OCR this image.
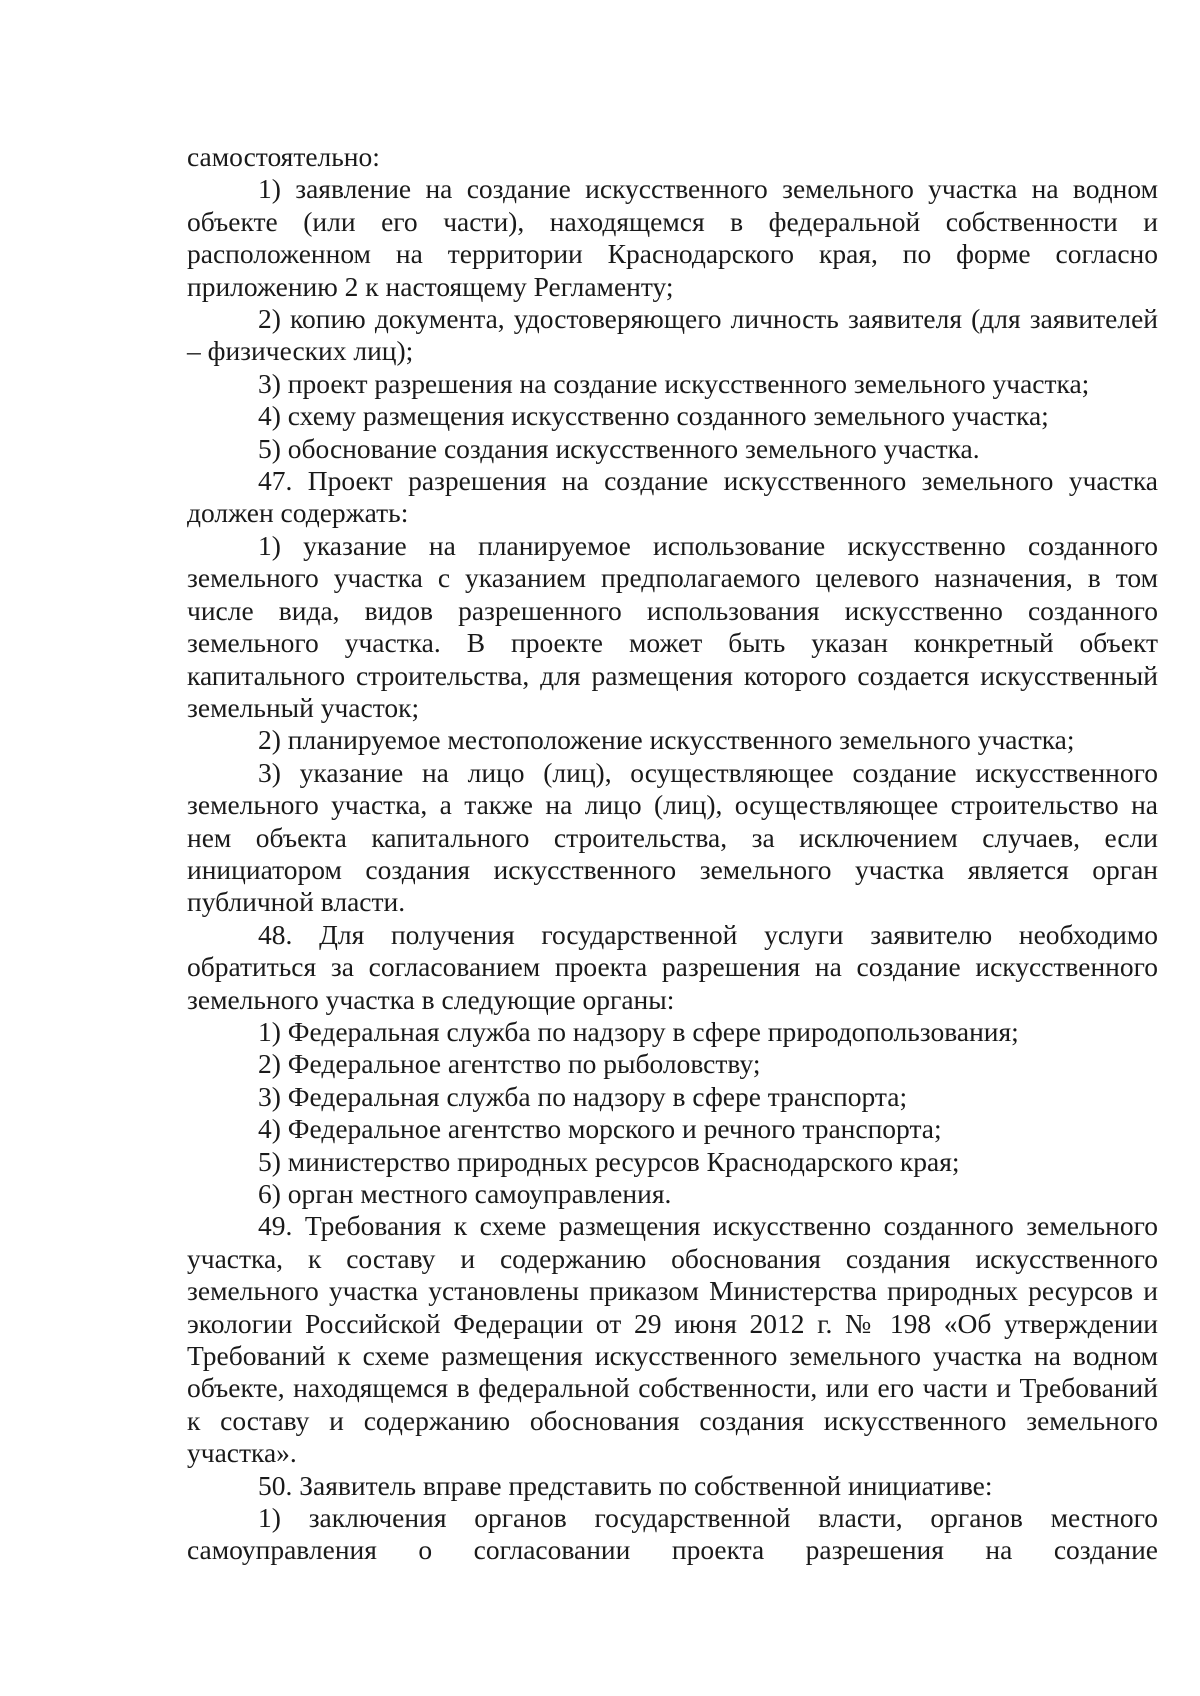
самостоятельно:

1) заявление на создание искусственного земельного участка на водном объекте (или его части), находящемся в федеральной собственности и расположенном на территории Краснодарского края, по форме согласно приложению 2 к настоящему Регламенту;

2) копию документа, удостоверяющего личность заявителя (для заявителей – физических лиц);

3) проект разрешения на создание искусственного земельного участка;

4) схему размещения искусственно созданного земельного участка;

5) обоснование создания искусственного земельного участка.

47. Проект разрешения на создание искусственного земельного участка должен содержать:

1) указание на планируемое использование искусственно созданного земельного участка с указанием предполагаемого целевого назначения, в том числе вида, видов разрешенного использования искусственно созданного земельного участка. В проекте может быть указан конкретный объект капитального строительства, для размещения которого создается искусственный земельный участок;

2) планируемое местоположение искусственного земельного участка;

3) указание на лицо (лиц), осуществляющее создание искусственного земельного участка, а также на лицо (лиц), осуществляющее строительство на нем объекта капитального строительства, за исключением случаев, если инициатором создания искусственного земельного участка является орган публичной власти.

48. Для получения государственной услуги заявителю необходимо обратиться за согласованием проекта разрешения на создание искусственного земельного участка в следующие органы:

1) Федеральная служба по надзору в сфере природопользования;

2) Федеральное агентство по рыболовству;

3) Федеральная служба по надзору в сфере транспорта;

4) Федеральное агентство морского и речного транспорта;

5) министерство природных ресурсов Краснодарского края;

6) орган местного самоуправления.

49. Требования к схеме размещения искусственно созданного земельного участка, к составу и содержанию обоснования создания искусственного земельного участка установлены приказом Министерства природных ресурсов и экологии Российской Федерации от 29 июня 2012 г. № 198 «Об утверждении Требований к схеме размещения искусственного земельного участка на водном объекте, находящемся в федеральной собственности, или его части и Требований к составу и содержанию обоснования создания искусственного земельного участка».

50. Заявитель вправе представить по собственной инициативе:

1) заключения органов государственной власти, органов местного самоуправления о согласовании проекта разрешения на создание
